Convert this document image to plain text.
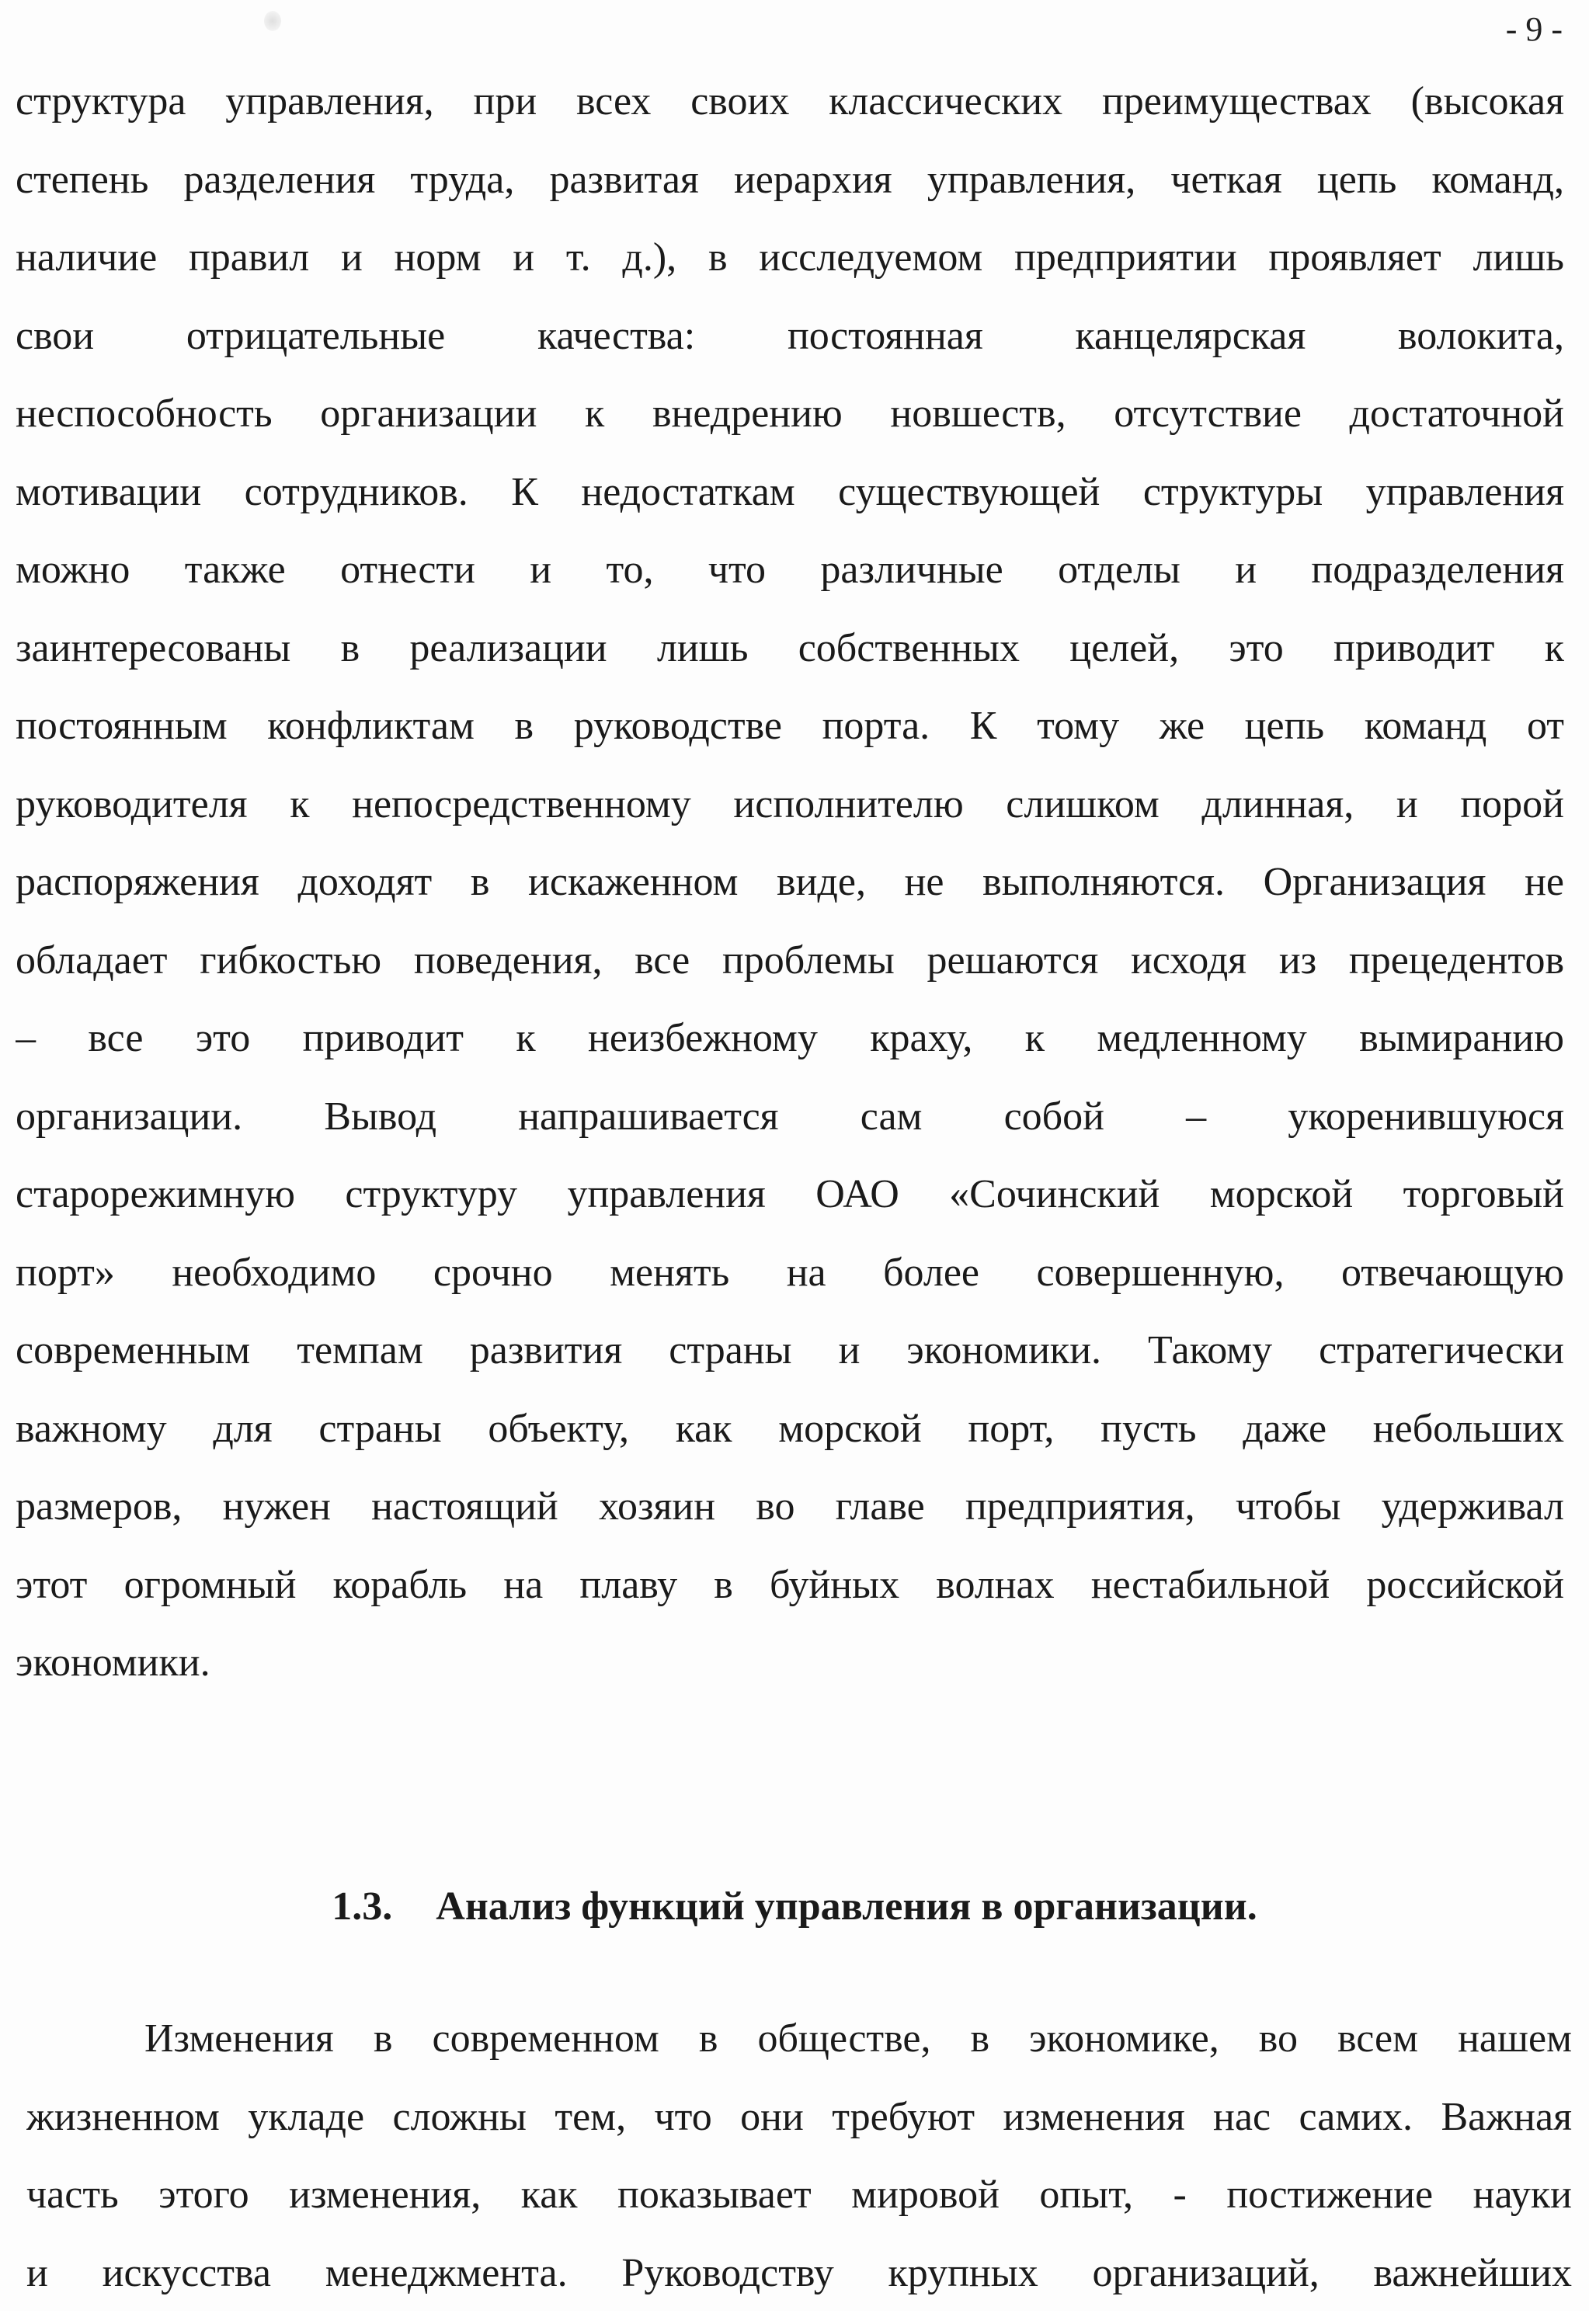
- 9 -
структура управления, при всех своих классических преимуществах (высокая
степень разделения труда, развитая иерархия управления, четкая цепь команд,
наличие правил и норм и т. д.), в исследуемом предприятии проявляет лишь
свои отрицательные качества: постоянная канцелярская волокита,
неспособность организации к внедрению новшеств, отсутствие достаточной
мотивации сотрудников. К недостаткам существующей структуры управления
можно также отнести и то, что различные отделы и подразделения
заинтересованы в реализации лишь собственных целей, это приводит к
постоянным конфликтам в руководстве порта. К тому же цепь команд от
руководителя к непосредственному исполнителю слишком длинная, и порой
распоряжения доходят в искаженном виде, не выполняются. Организация не
обладает гибкостью поведения, все проблемы решаются исходя из прецедентов
– все это приводит к неизбежному краху, к медленному вымиранию
организации. Вывод напрашивается сам собой – укоренившуюся
старорежимную структуру управления ОАО «Сочинский морской торговый
порт» необходимо срочно менять на более совершенную, отвечающую
современным темпам развития страны и экономики. Такому стратегически
важному для страны объекту, как морской порт, пусть даже небольших
размеров, нужен настоящий хозяин во главе предприятия, чтобы удерживал
этот огромный корабль на плаву в буйных волнах нестабильной российской
экономики.
1.3. Анализ функций управления в организации.
Изменения в современном в обществе, в экономике, во всем нашем
жизненном укладе сложны тем, что они требуют изменения нас самих. Важная
часть этого изменения, как показывает мировой опыт, - постижение науки
и искусства менеджмента. Руководству крупных организаций, важнейших
